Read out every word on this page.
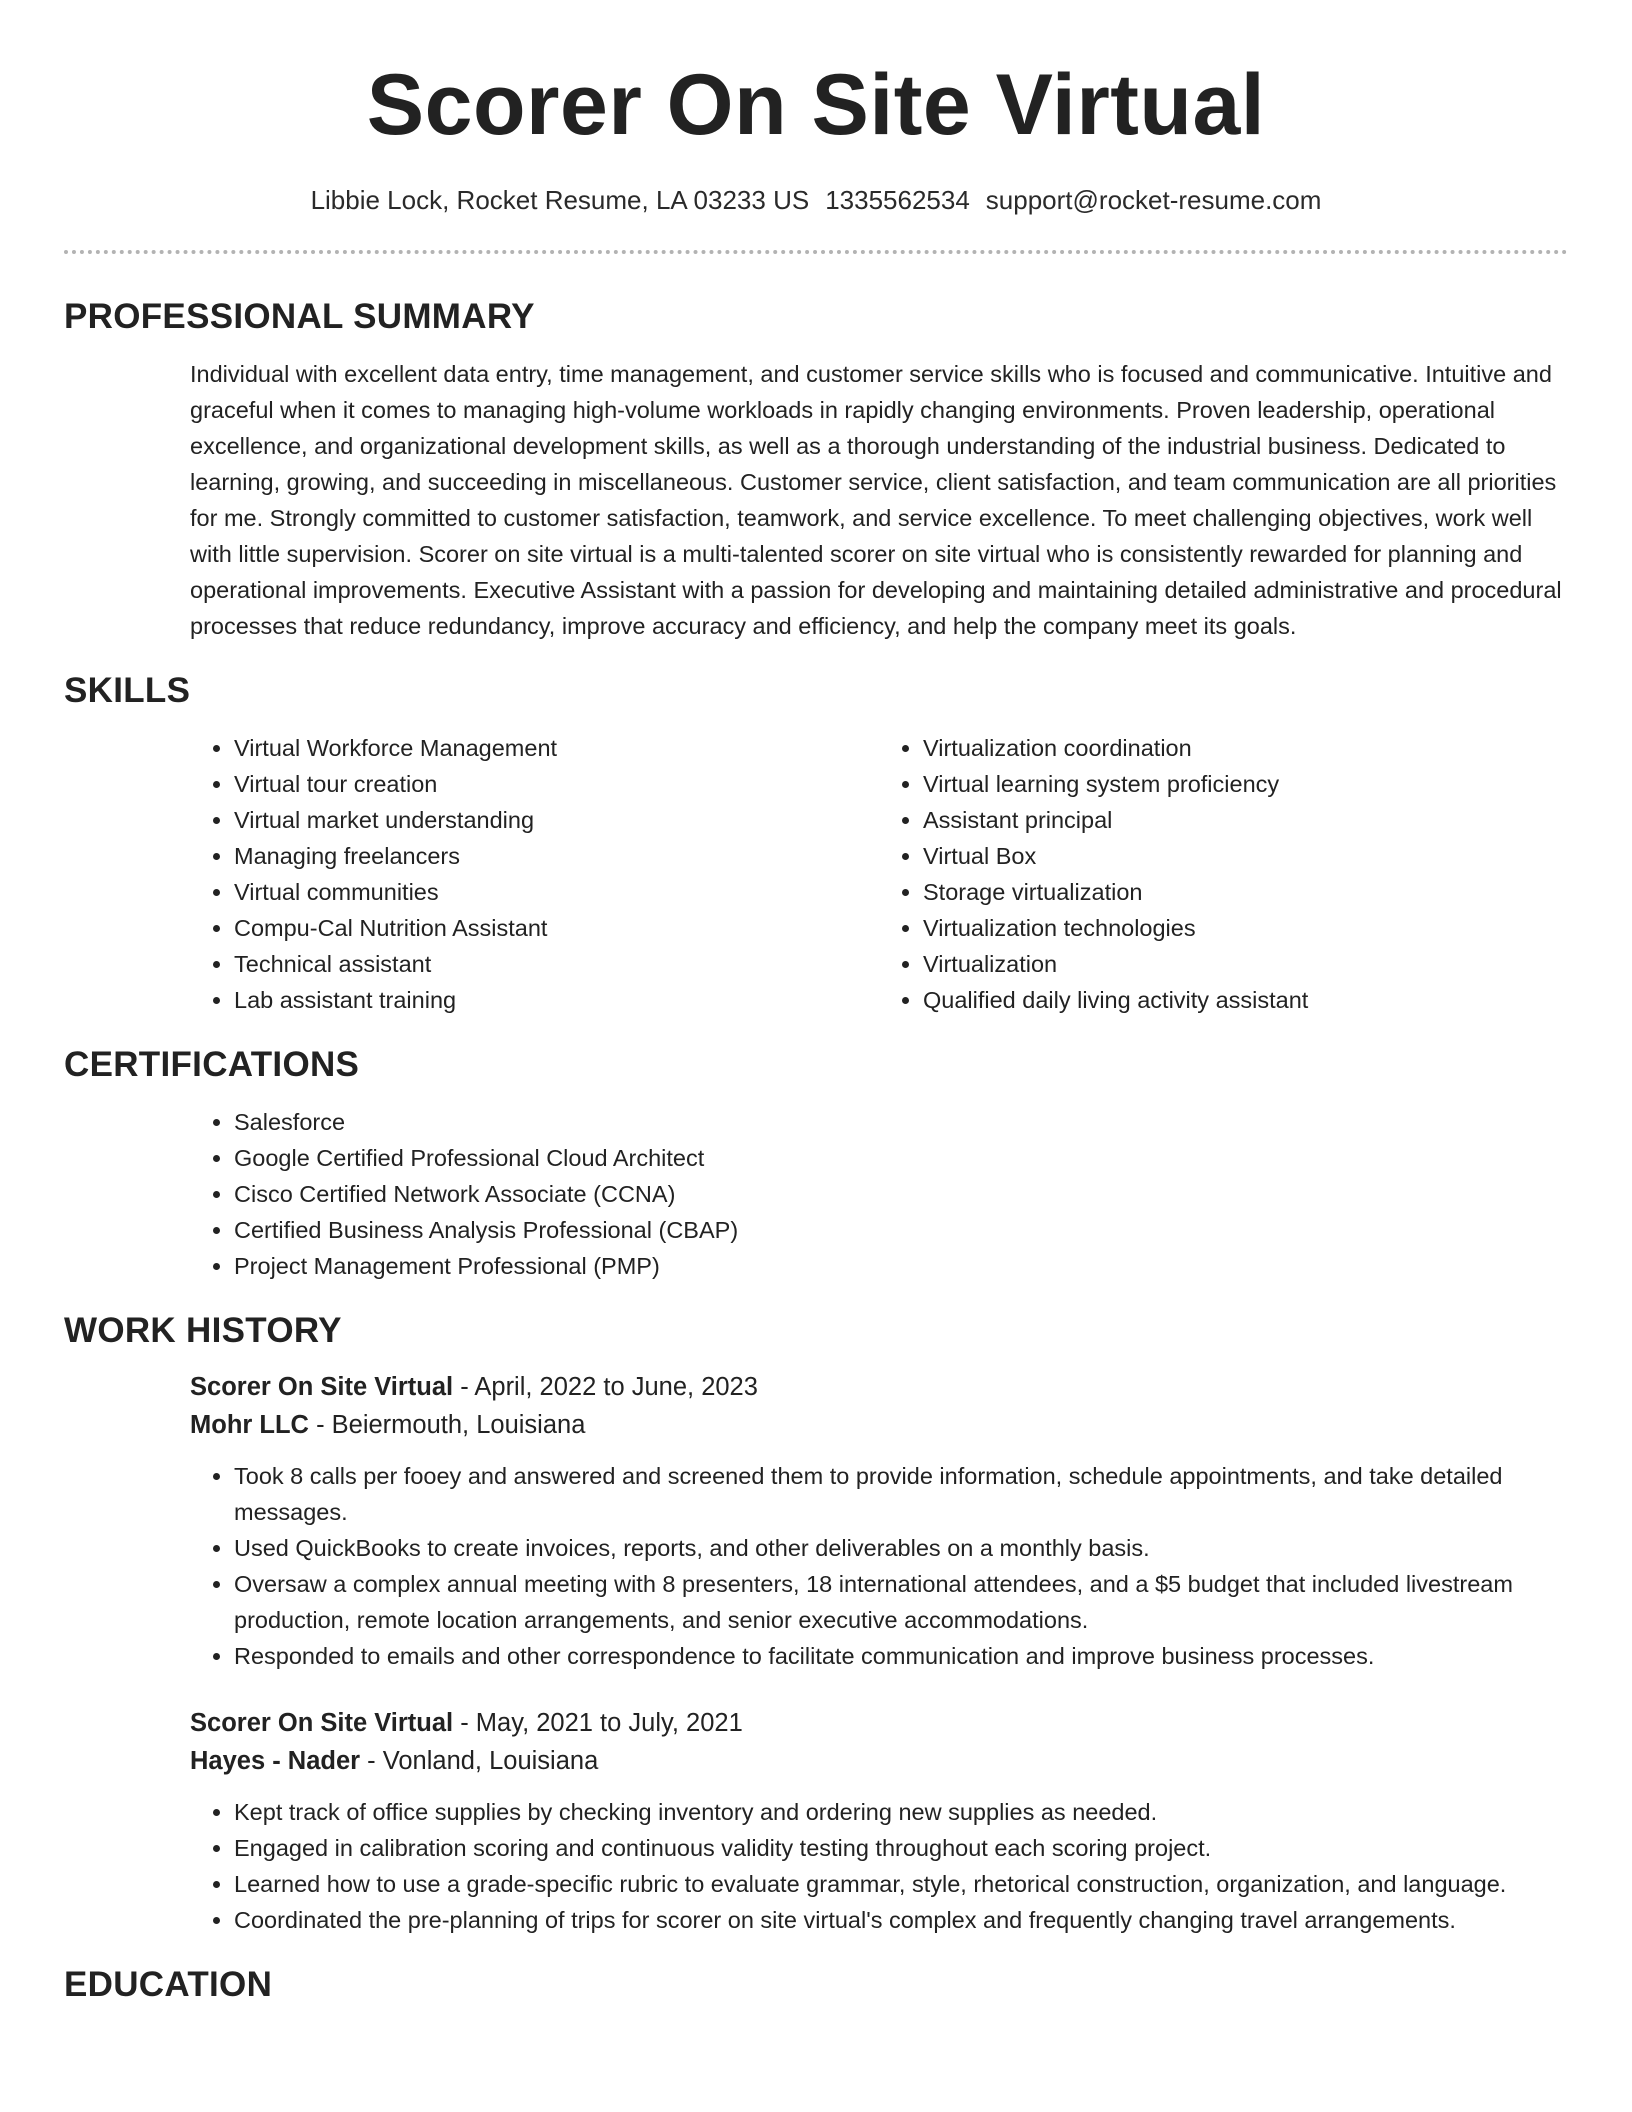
Scorer On Site Virtual
Libbie Lock, Rocket Resume, LA 03233 US 1335562534 support@rocket-resume.com
PROFESSIONAL SUMMARY
Individual with excellent data entry, time management, and customer service skills who is focused and communicative. Intuitive and graceful when it comes to managing high-volume workloads in rapidly changing environments. Proven leadership, operational excellence, and organizational development skills, as well as a thorough understanding of the industrial business. Dedicated to learning, growing, and succeeding in miscellaneous. Customer service, client satisfaction, and team communication are all priorities for me. Strongly committed to customer satisfaction, teamwork, and service excellence. To meet challenging objectives, work well with little supervision. Scorer on site virtual is a multi-talented scorer on site virtual who is consistently rewarded for planning and operational improvements. Executive Assistant with a passion for developing and maintaining detailed administrative and procedural processes that reduce redundancy, improve accuracy and efficiency, and help the company meet its goals.
SKILLS
• Virtual Workforce Management
• Virtual tour creation
• Virtual market understanding
• Managing freelancers
• Virtual communities
• Compu-Cal Nutrition Assistant
• Technical assistant
• Lab assistant training
• Virtualization coordination
• Virtual learning system proficiency
• Assistant principal
• Virtual Box
• Storage virtualization
• Virtualization technologies
• Virtualization
• Qualified daily living activity assistant
CERTIFICATIONS
• Salesforce
• Google Certified Professional Cloud Architect
• Cisco Certified Network Associate (CCNA)
• Certified Business Analysis Professional (CBAP)
• Project Management Professional (PMP)
WORK HISTORY
Scorer On Site Virtual - April, 2022 to June, 2023
Mohr LLC - Beiermouth, Louisiana
• Took 8 calls per fooey and answered and screened them to provide information, schedule appointments, and take detailed messages.
• Used QuickBooks to create invoices, reports, and other deliverables on a monthly basis.
• Oversaw a complex annual meeting with 8 presenters, 18 international attendees, and a $5 budget that included livestream production, remote location arrangements, and senior executive accommodations.
• Responded to emails and other correspondence to facilitate communication and improve business processes.
Scorer On Site Virtual - May, 2021 to July, 2021
Hayes - Nader - Vonland, Louisiana
• Kept track of office supplies by checking inventory and ordering new supplies as needed.
• Engaged in calibration scoring and continuous validity testing throughout each scoring project.
• Learned how to use a grade-specific rubric to evaluate grammar, style, rhetorical construction, organization, and language.
• Coordinated the pre-planning of trips for scorer on site virtual's complex and frequently changing travel arrangements.
EDUCATION
